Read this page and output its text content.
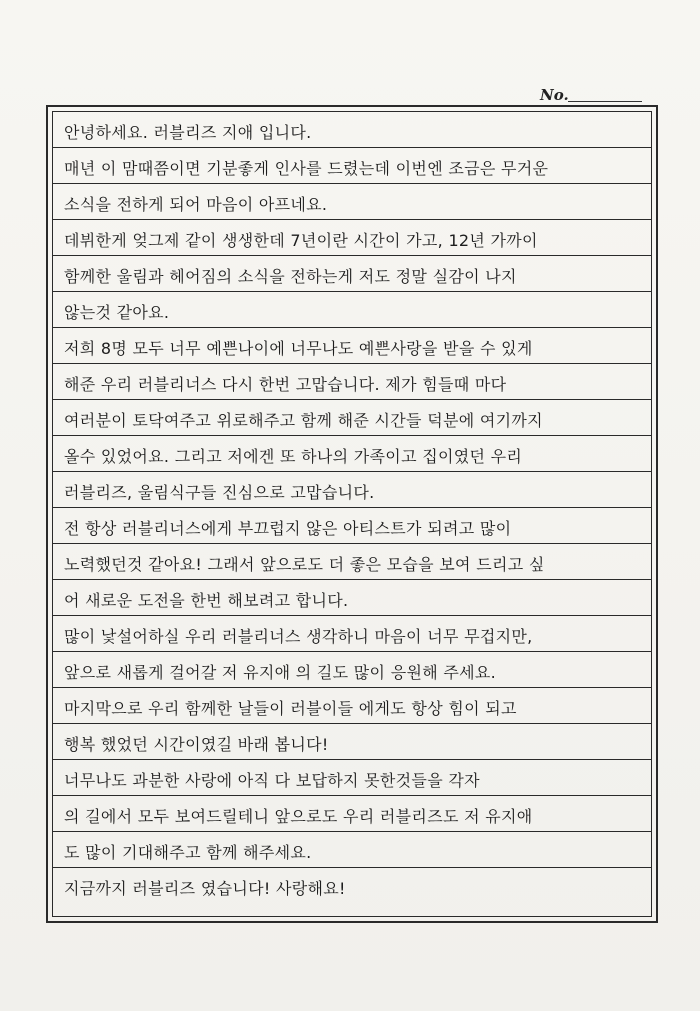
No.
안녕하세요. 러블리즈 지애 입니다.
매년 이 맘때쯤이면 기분좋게 인사를 드렸는데 이번엔 조금은 무거운
소식을 전하게 되어 마음이 아프네요.
데뷔한게 엊그제 같이 생생한데 7년이란 시간이 가고, 12년 가까이
함께한 울림과 헤어짐의 소식을 전하는게 저도 정말 실감이 나지
않는것 같아요.
저희 8명 모두 너무 예쁜나이에 너무나도 예쁜사랑을 받을 수 있게
해준 우리 러블리너스 다시 한번 고맙습니다. 제가 힘들때 마다
여러분이 토닥여주고 위로해주고 함께 해준 시간들 덕분에 여기까지
올수 있었어요. 그리고 저에겐 또 하나의 가족이고 집이였던 우리
러블리즈, 울림식구들 진심으로 고맙습니다.
전 항상 러블리너스에게 부끄럽지 않은 아티스트가 되려고 많이
노력했던것 같아요! 그래서 앞으로도 더 좋은 모습을 보여 드리고 싶
어 새로운 도전을 한번 해보려고 합니다.
많이 낯설어하실 우리 러블리너스 생각하니 마음이 너무 무겁지만,
앞으로 새롭게 걸어갈 저 유지애 의 길도 많이 응원해 주세요.
마지막으로 우리 함께한 날들이 러블이들 에게도 항상 힘이 되고
행복 했었던 시간이였길 바래 봅니다!
너무나도 과분한 사랑에 아직 다 보답하지 못한것들을 각자
의 길에서 모두 보여드릴테니 앞으로도 우리 러블리즈도 저 유지애
도 많이 기대해주고 함께 해주세요.
지금까지 러블리즈 였습니다! 사랑해요!
